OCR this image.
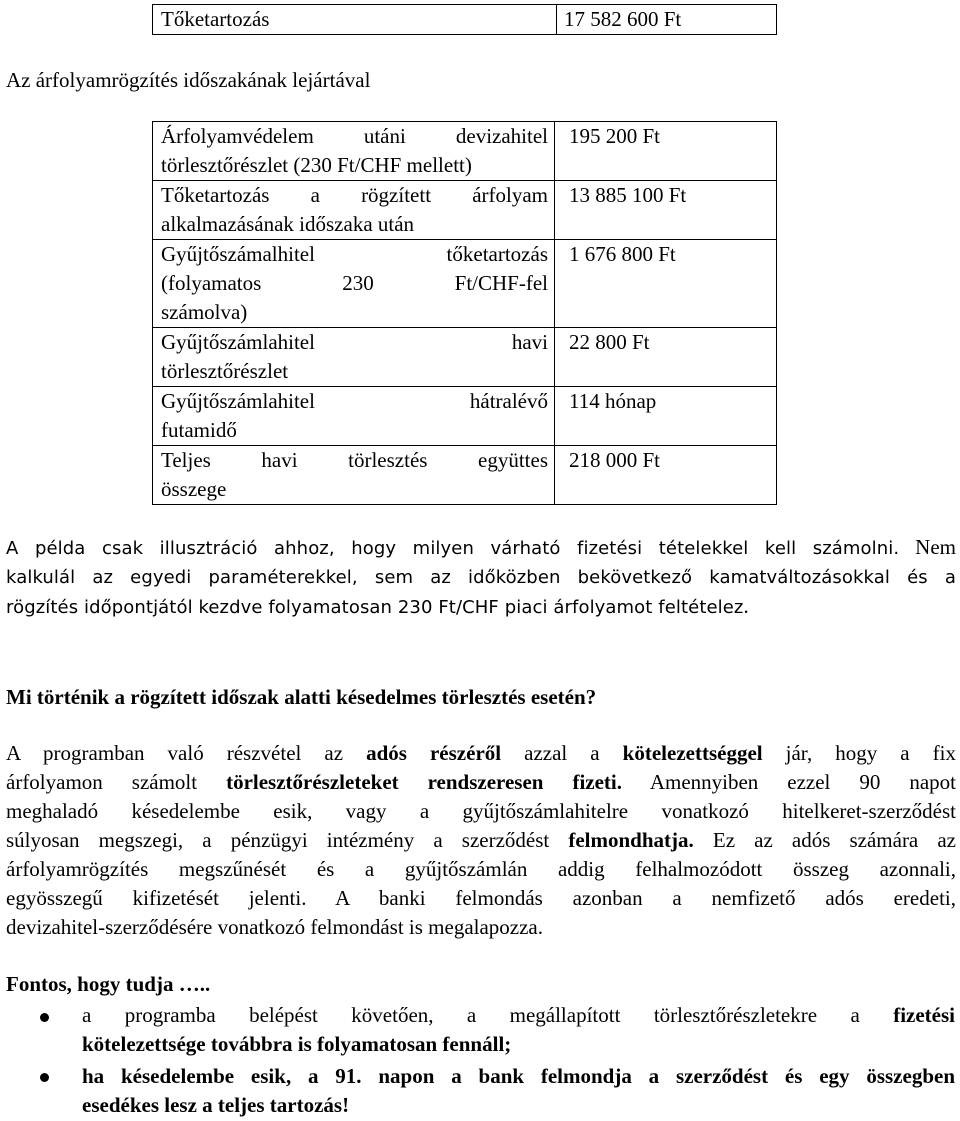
Tőketartozás	17 582 600 Ft
Az árfolyamrögzítés időszakának lejártával
Árfolyamvédelem utáni devizahitel
törlesztőrészlet (230 Ft/CHF mellett)	195 200 Ft

Tőketartozás a rögzített árfolyam
alkalmazásának időszaka után	13 885 100 Ft

Gyűjtőszámalhitel tőketartozás
(folyamatos 230 Ft/CHF-fel
számolva)	1 676 800 Ft

Gyűjtőszámlahitel havi
törlesztőrészlet	22 800 Ft

Gyűjtőszámlahitel hátralévő
futamidő	114 hónap

Teljes havi törlesztés együttes
összege	218 000 Ft
A példa csak illusztráció ahhoz, hogy milyen várható fizetési tételekkel kell számolni. Nem
kalkulál az egyedi paraméterekkel, sem az időközben bekövetkező kamatváltozásokkal és a
rögzítés időpontjától kezdve folyamatosan 230 Ft/CHF piaci árfolyamot feltételez.
Mi történik a rögzített időszak alatti késedelmes törlesztés esetén?
A programban való részvétel az adós részéről azzal a kötelezettséggel jár, hogy a fix
árfolyamon számolt törlesztőrészleteket rendszeresen fizeti. Amennyiben ezzel 90 napot
meghaladó késedelembe esik, vagy a gyűjtőszámlahitelre vonatkozó hitelkeret-szerződést
súlyosan megszegi, a pénzügyi intézmény a szerződést felmondhatja. Ez az adós számára az
árfolyamrögzítés megszűnését és a gyűjtőszámlán addig felhalmozódott összeg azonnali,
egyösszegű kifizetését jelenti. A banki felmondás azonban a nemfizető adós eredeti,
devizahitel-szerződésére vonatkozó felmondást is megalapozza.
Fontos, hogy tudja …..
a programba belépést követően, a megállapított törlesztőrészletekre a fizetési
kötelezettsége továbbra is folyamatosan fennáll;
ha késedelembe esik, a 91. napon a bank felmondja a szerződést és egy összegben
esedékes lesz a teljes tartozás!
